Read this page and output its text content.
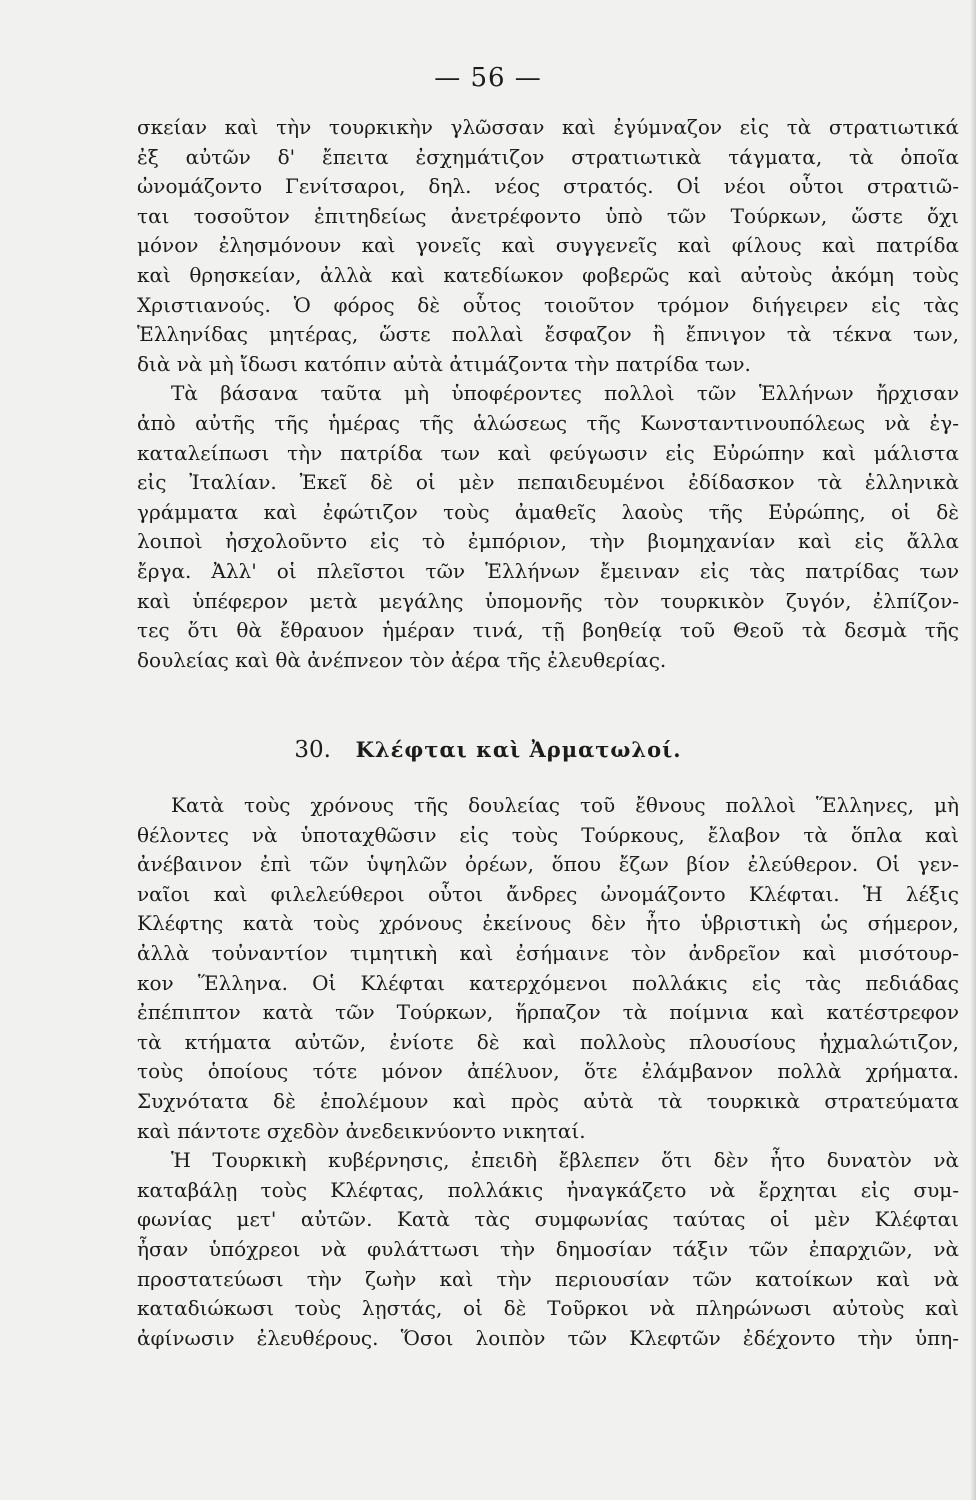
— 56 —
σκείαν καὶ τὴν τουρκικὴν γλῶσσαν καὶ ἐγύμναζον εἰς τὰ στρατιωτικά
ἐξ αὐτῶν δ' ἔπειτα ἐσχημάτιζον στρατιωτικὰ τάγματα, τὰ ὁποῖα
ὠνομάζοντο Γενίτσαροι, δηλ. νέος στρατός. Οἱ νέοι οὗτοι στρατιῶ-
ται τοσοῦτον ἐπιτηδείως ἀνετρέφοντο ὑπὸ τῶν Τούρκων, ὥστε ὄχι
μόνον ἐλησμόνουν καὶ γονεῖς καὶ συγγενεῖς καὶ φίλους καὶ πατρίδα
καὶ θρησκείαν, ἀλλὰ καὶ κατεδίωκον φοβερῶς καὶ αὐτοὺς ἀκόμη τοὺς
Χριστιανούς. Ὁ φόρος δὲ οὗτος τοιοῦτον τρόμον διήγειρεν εἰς τὰς
Ἑλληνίδας μητέρας, ὥστε πολλαὶ ἔσφαζον ἢ ἔπνιγον τὰ τέκνα των,
διὰ νὰ μὴ ἴδωσι κατόπιν αὐτὰ ἀτιμάζοντα τὴν πατρίδα των.
Τὰ βάσανα ταῦτα μὴ ὑποφέροντες πολλοὶ τῶν Ἑλλήνων ἤρχισαν
ἀπὸ αὐτῆς τῆς ἡμέρας τῆς ἁλώσεως τῆς Κωνσταντινουπόλεως νὰ ἐγ-
καταλείπωσι τὴν πατρίδα των καὶ φεύγωσιν εἰς Εὐρώπην καὶ μάλιστα
εἰς Ἰταλίαν. Ἐκεῖ δὲ οἱ μὲν πεπαιδευμένοι ἐδίδασκον τὰ ἑλληνικὰ
γράμματα καὶ ἐφώτιζον τοὺς ἀμαθεῖς λαοὺς τῆς Εὐρώπης, οἱ δὲ
λοιποὶ ἠσχολοῦντο εἰς τὸ ἐμπόριον, τὴν βιομηχανίαν καὶ εἰς ἄλλα
ἔργα. Ἀλλ' οἱ πλεῖστοι τῶν Ἑλλήνων ἔμειναν εἰς τὰς πατρίδας των
καὶ ὑπέφερον μετὰ μεγάλης ὑπομονῆς τὸν τουρκικὸν ζυγόν, ἐλπίζον-
τες ὅτι θὰ ἔθραυον ἡμέραν τινά, τῇ βοηθείᾳ τοῦ Θεοῦ τὰ δεσμὰ τῆς
δουλείας καὶ θὰ ἀνέπνεον τὸν ἀέρα τῆς ἐλευθερίας.
30. Κλέφται καὶ Ἀρματωλοί.
Κατὰ τοὺς χρόνους τῆς δουλείας τοῦ ἔθνους πολλοὶ Ἕλληνες, μὴ
θέλοντες νὰ ὑποταχθῶσιν εἰς τοὺς Τούρκους, ἔλαβον τὰ ὅπλα καὶ
ἀνέβαινον ἐπὶ τῶν ὑψηλῶν ὀρέων, ὅπου ἔζων βίον ἐλεύθερον. Οἱ γεν-
ναῖοι καὶ φιλελεύθεροι οὗτοι ἄνδρες ὠνομάζοντο Κλέφται. Ἡ λέξις
Κλέφτης κατὰ τοὺς χρόνους ἐκείνους δὲν ἦτο ὑβριστικὴ ὡς σήμερον,
ἀλλὰ τοὐναντίον τιμητικὴ καὶ ἐσήμαινε τὸν ἀνδρεῖον καὶ μισότουρ-
κον Ἕλληνα. Οἱ Κλέφται κατερχόμενοι πολλάκις εἰς τὰς πεδιάδας
ἐπέπιπτον κατὰ τῶν Τούρκων, ἥρπαζον τὰ ποίμνια καὶ κατέστρεφον
τὰ κτήματα αὐτῶν, ἐνίοτε δὲ καὶ πολλοὺς πλουσίους ἠχμαλώτιζον,
τοὺς ὁποίους τότε μόνον ἀπέλυον, ὅτε ἐλάμβανον πολλὰ χρήματα.
Συχνότατα δὲ ἐπολέμουν καὶ πρὸς αὐτὰ τὰ τουρκικὰ στρατεύματα
καὶ πάντοτε σχεδὸν ἀνεδεικνύοντο νικηταί.
Ἡ Τουρκικὴ κυβέρνησις, ἐπειδὴ ἔβλεπεν ὅτι δὲν ἦτο δυνατὸν νὰ
καταβάλῃ τοὺς Κλέφτας, πολλάκις ἠναγκάζετο νὰ ἔρχηται εἰς συμ-
φωνίας μετ' αὐτῶν. Κατὰ τὰς συμφωνίας ταύτας οἱ μὲν Κλέφται
ἦσαν ὑπόχρεοι νὰ φυλάττωσι τὴν δημοσίαν τάξιν τῶν ἐπαρχιῶν, νὰ
προστατεύωσι τὴν ζωὴν καὶ τὴν περιουσίαν τῶν κατοίκων καὶ νὰ
καταδιώκωσι τοὺς λῃστάς, οἱ δὲ Τοῦρκοι νὰ πληρώνωσι αὐτοὺς καὶ
ἀφίνωσιν ἐλευθέρους. Ὅσοι λοιπὸν τῶν Κλεφτῶν ἐδέχοντο τὴν ὑπη-
